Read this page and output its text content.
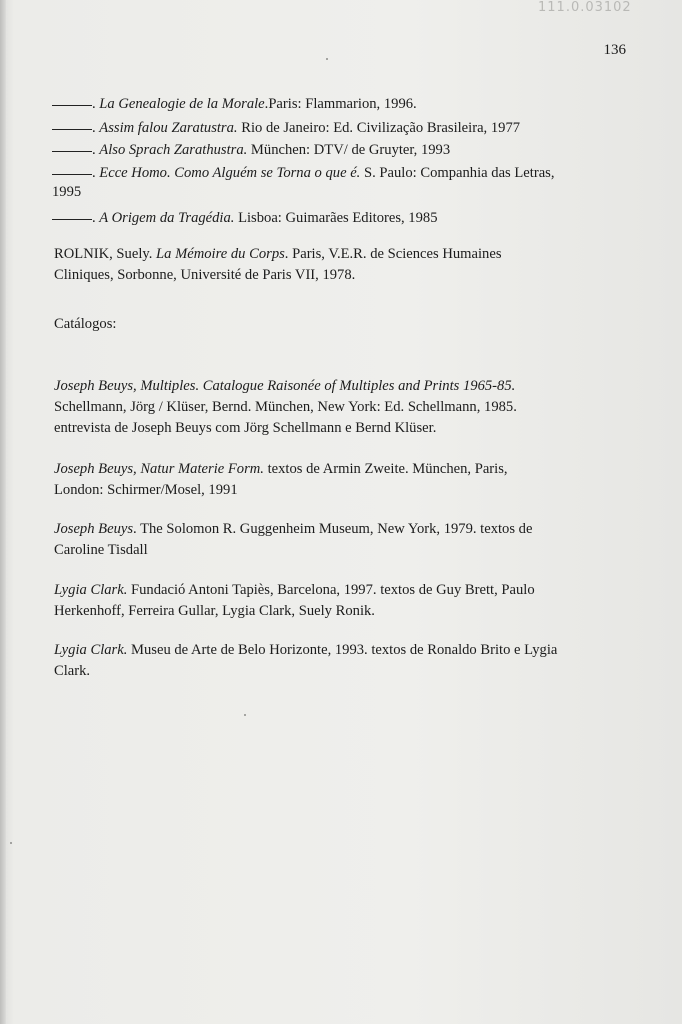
111.0.03102
136
. La Genealogie de la Morale.Paris: Flammarion, 1996.
. Assim falou Zaratustra. Rio de Janeiro: Ed. Civilização Brasileira, 1977
. Also Sprach Zarathustra. München: DTV/ de Gruyter, 1993
. Ecce Homo. Como Alguém se Torna o que é. S. Paulo: Companhia das Letras,
1995
. A Origem da Tragédia. Lisboa: Guimarães Editores, 1985
ROLNIK, Suely. La Mémoire du Corps. Paris, V.E.R. de Sciences Humaines
Cliniques, Sorbonne, Université de Paris VII, 1978.
Catálogos:
Joseph Beuys, Multiples. Catalogue Raisonée of Multiples and Prints 1965-85.
Schellmann, Jörg / Klüser, Bernd. München, New York: Ed. Schellmann, 1985.
entrevista de Joseph Beuys com Jörg Schellmann e Bernd Klüser.
Joseph Beuys, Natur Materie Form. textos de Armin Zweite. München, Paris,
London: Schirmer/Mosel, 1991
Joseph Beuys. The Solomon R. Guggenheim Museum, New York, 1979. textos de
Caroline Tisdall
Lygia Clark. Fundació Antoni Tapiès, Barcelona, 1997. textos de Guy Brett, Paulo
Herkenhoff, Ferreira Gullar, Lygia Clark, Suely Ronik.
Lygia Clark. Museu de Arte de Belo Horizonte, 1993. textos de Ronaldo Brito e Lygia
Clark.
